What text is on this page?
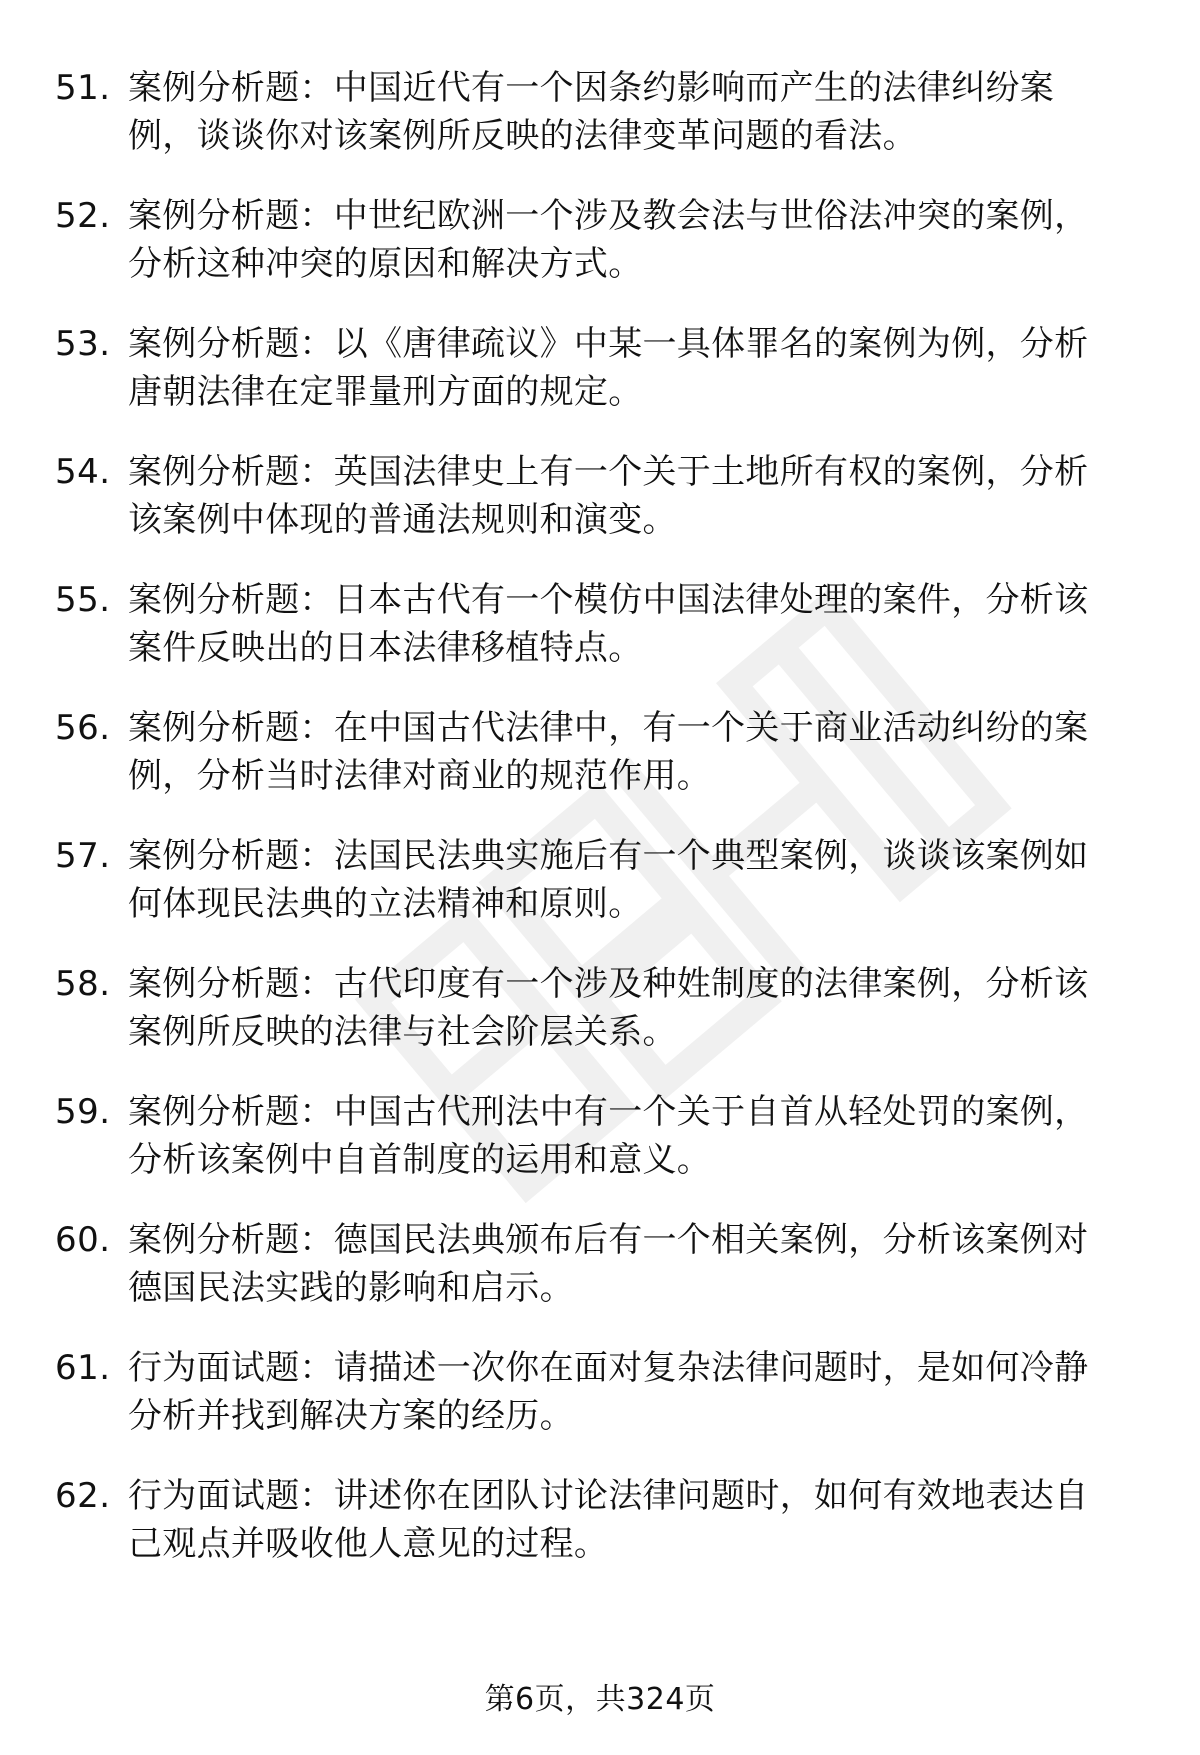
51. 案例分析题：中国近代有一个因条约影响而产生的法律纠纷案
例，谈谈你对该案例所反映的法律变革问题的看法。
52. 案例分析题：中世纪欧洲一个涉及教会法与世俗法冲突的案例，
分析这种冲突的原因和解决方式。
53. 案例分析题：以《唐律疏议》中某一具体罪名的案例为例，分析
唐朝法律在定罪量刑方面的规定。
54. 案例分析题：英国法律史上有一个关于土地所有权的案例，分析
该案例中体现的普通法规则和演变。
55. 案例分析题：日本古代有一个模仿中国法律处理的案件，分析该
案件反映出的日本法律移植特点。
56. 案例分析题：在中国古代法律中，有一个关于商业活动纠纷的案
例，分析当时法律对商业的规范作用。
57. 案例分析题：法国民法典实施后有一个典型案例，谈谈该案例如
何体现民法典的立法精神和原则。
58. 案例分析题：古代印度有一个涉及种姓制度的法律案例，分析该
案例所反映的法律与社会阶层关系。
59. 案例分析题：中国古代刑法中有一个关于自首从轻处罚的案例，
分析该案例中自首制度的运用和意义。
60. 案例分析题：德国民法典颁布后有一个相关案例，分析该案例对
德国民法实践的影响和启示。
61. 行为面试题：请描述一次你在面对复杂法律问题时，是如何冷静
分析并找到解决方案的经历。
62. 行为面试题：讲述你在团队讨论法律问题时，如何有效地表达自
己观点并吸收他人意见的过程。
第6页，共324页
